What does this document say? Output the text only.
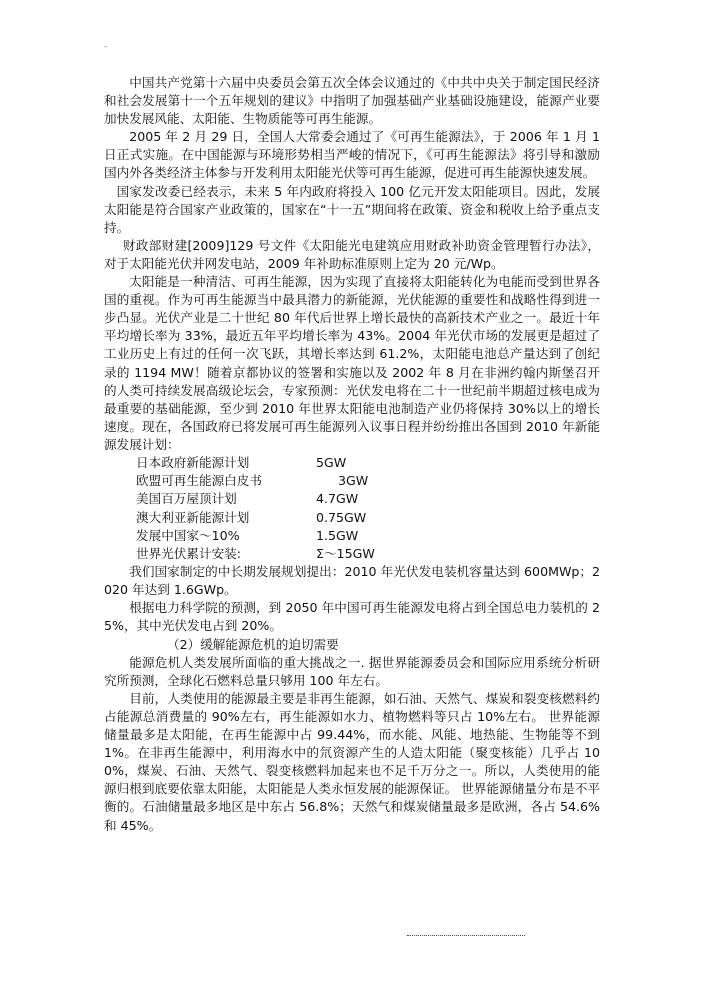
-

中国共产党第十六届中央委员会第五次全体会议通过的《中共中央关于制定国民经济和社会发展第十一个五年规划的建议》中指明了加强基础产业基础设施建设，能源产业要加快发展风能、太阳能、生物质能等可再生能源。

2005 年 2 月 29 日，全国人大常委会通过了《可再生能源法》，于 2006 年 1 月 1 日正式实施。在中国能源与环境形势相当严峻的情况下，《可再生能源法》将引导和激励国内外各类经济主体参与开发利用太阳能光伏等可再生能源，促进可再生能源快速发展。

国家发改委已经表示，未来 5 年内政府将投入 100 亿元开发太阳能项目。因此，发展太阳能是符合国家产业政策的，国家在“十一五”期间将在政策、资金和税收上给予重点支持。

财政部财建[2009]129 号文件《太阳能光电建筑应用财政补助资金管理暂行办法》，对于太阳能光伏并网发电站，2009 年补助标准原则上定为 20 元/Wp。

太阳能是一种清洁、可再生能源，因为实现了直接将太阳能转化为电能而受到世界各国的重视。作为可再生能源当中最具潜力的新能源，光伏能源的重要性和战略性得到进一步凸显。光伏产业是二十世纪 80 年代后世界上增长最快的高新技术产业之一。最近十年平均增长率为 33%，最近五年平均增长率为 43%。2004 年光伏市场的发展更是超过了工业历史上有过的任何一次飞跃，其增长率达到 61.2%，太阳能电池总产量达到了创纪录的 1194 MW！随着京都协议的签署和实施以及 2002 年 8 月在非洲约翰内斯堡召开的人类可持续发展高级论坛会，专家预测：光伏发电将在二十一世纪前半期超过核电成为最重要的基础能源，至少到 2010 年世界太阳能电池制造产业仍将保持 30%以上的增长速度。现在，各国政府已将发展可再生能源列入议事日程并纷纷推出各国到 2010 年新能源发展计划：

日本政府新能源计划	5GW
欧盟可再生能源白皮书	3GW
美国百万屋顶计划	4.7GW
澳大利亚新能源计划	0.75GW
发展中国家～10%	1.5GW
世界光伏累计安装:	Σ～15GW

我们国家制定的中长期发展规划提出：2010 年光伏发电装机容量达到 600MWp；2020 年达到 1.6GWp。

根据电力科学院的预测，到 2050 年中国可再生能源发电将占到全国总电力装机的 25%，其中光伏发电占到 20%。

（2）缓解能源危机的迫切需要

能源危机人类发展所面临的重大挑战之一. 据世界能源委员会和国际应用系统分析研究所预测，全球化石燃料总量只够用 100 年左右。

目前，人类使用的能源最主要是非再生能源，如石油、天然气、煤炭和裂变核燃料约占能源总消费量的 90%左右，再生能源如水力、植物燃料等只占 10%左右。 世界能源储量最多是太阳能，在再生能源中占 99.44%，而水能、风能、地热能、生物能等不到 1%。在非再生能源中，利用海水中的氘资源产生的人造太阳能（聚变核能）几乎占 100%，煤炭、石油、天然气、裂变核燃料加起来也不足千万分之一。所以，人类使用的能源归根到底要依靠太阳能，太阳能是人类永恒发展的能源保证。 世界能源储量分布是不平衡的。石油储量最多地区是中东占 56.8%；天然气和煤炭储量最多是欧洲，各占 54.6%和 45%。
